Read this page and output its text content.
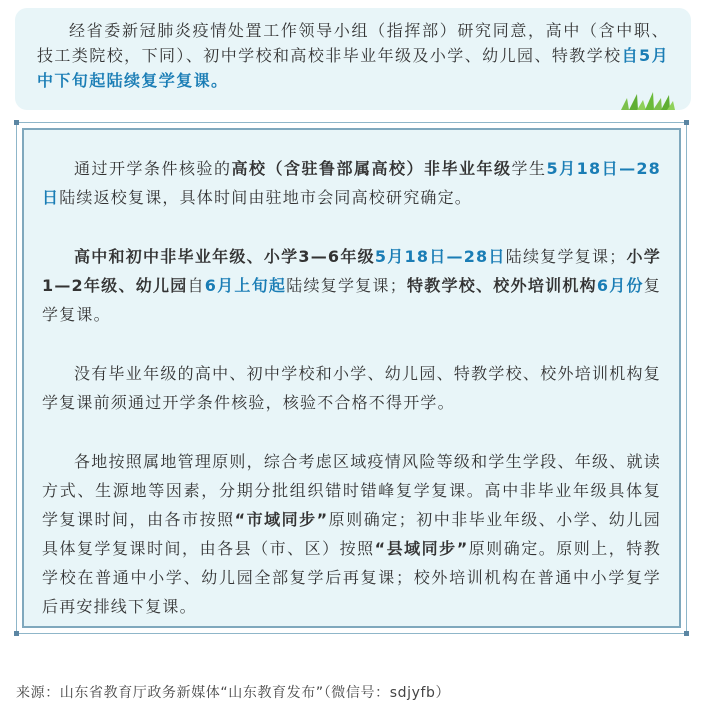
经省委新冠肺炎疫情处置工作领导小组（指挥部）研究同意，高中（含中职、技工类院校，下同）、初中学校和高校非毕业年级及小学、幼儿园、特教学校自5月中下旬起陆续复学复课。

通过开学条件核验的高校（含驻鲁部属高校）非毕业年级学生5月18日—28日陆续返校复课，具体时间由驻地市会同高校研究确定。

高中和初中非毕业年级、小学3—6年级5月18日—28日陆续复学复课；小学1—2年级、幼儿园自6月上旬起陆续复学复课；特教学校、校外培训机构6月份复学复课。

没有毕业年级的高中、初中学校和小学、幼儿园、特教学校、校外培训机构复学复课前须通过开学条件核验，核验不合格不得开学。

各地按照属地管理原则，综合考虑区域疫情风险等级和学生学段、年级、就读方式、生源地等因素，分期分批组织错时错峰复学复课。高中非毕业年级具体复学复课时间，由各市按照“市域同步”原则确定；初中非毕业年级、小学、幼儿园具体复学复课时间，由各县（市、区）按照“县域同步”原则确定。原则上，特教学校在普通中小学、幼儿园全部复学后再复课；校外培训机构在普通中小学复学后再安排线下复课。

来源：山东省教育厅政务新媒体“山东教育发布”（微信号：sdjyfb）
